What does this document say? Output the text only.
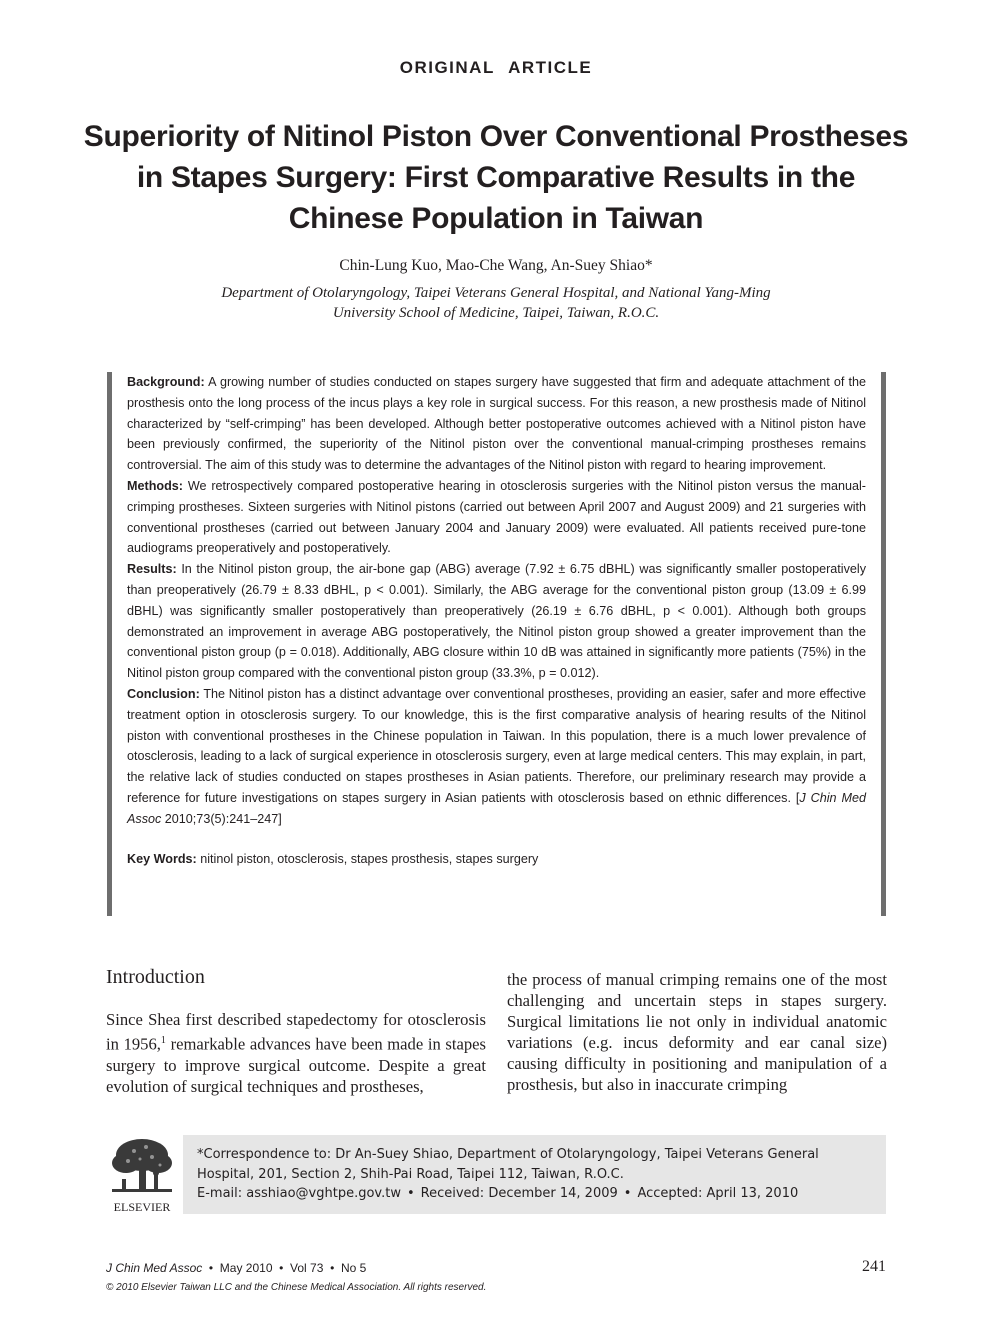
ORIGINAL ARTICLE
Superiority of Nitinol Piston Over Conventional Prostheses in Stapes Surgery: First Comparative Results in the Chinese Population in Taiwan
Chin-Lung Kuo, Mao-Che Wang, An-Suey Shiao*
Department of Otolaryngology, Taipei Veterans General Hospital, and National Yang-Ming
University School of Medicine, Taipei, Taiwan, R.O.C.

Background: A growing number of studies conducted on stapes surgery have suggested that firm and adequate attachment of the prosthesis onto the long process of the incus plays a key role in surgical success. For this reason, a new prosthesis made of Nitinol characterized by “self-crimping” has been developed. Although better postoperative outcomes achieved with a Nitinol piston have been previously confirmed, the superiority of the Nitinol piston over the conventional manual-crimping prostheses remains controversial. The aim of this study was to determine the advantages of the Nitinol piston with regard to hearing improvement.

Methods: We retrospectively compared postoperative hearing in otosclerosis surgeries with the Nitinol piston versus the manual-crimping prostheses. Sixteen surgeries with Nitinol pistons (carried out between April 2007 and August 2009) and 21 surgeries with conventional prostheses (carried out between January 2004 and January 2009) were evaluated. All patients received pure-tone audiograms preoperatively and postoperatively.

Results: In the Nitinol piston group, the air-bone gap (ABG) average (7.92 ± 6.75 dBHL) was significantly smaller postoperatively than preoperatively (26.79 ± 8.33 dBHL, p < 0.001). Similarly, the ABG average for the conventional piston group (13.09 ± 6.99 dBHL) was significantly smaller postoperatively than preoperatively (26.19 ± 6.76 dBHL, p < 0.001). Although both groups demonstrated an improvement in average ABG postoperatively, the Nitinol piston group showed a greater improvement than the conventional piston group (p = 0.018). Additionally, ABG closure within 10 dB was attained in significantly more patients (75%) in the Nitinol piston group compared with the conventional piston group (33.3%, p = 0.012).

Conclusion: The Nitinol piston has a distinct advantage over conventional prostheses, providing an easier, safer and more effective treatment option in otosclerosis surgery. To our knowledge, this is the first comparative analysis of hearing results of the Nitinol piston with conventional prostheses in the Chinese population in Taiwan. In this population, there is a much lower prevalence of otosclerosis, leading to a lack of surgical experience in otosclerosis surgery, even at large medical centers. This may explain, in part, the relative lack of studies conducted on stapes prostheses in Asian patients. Therefore, our preliminary research may provide a reference for future investigations on stapes surgery in Asian patients with otosclerosis based on ethnic differences. [J Chin Med Assoc 2010;73(5):241–247]

Key Words: nitinol piston, otosclerosis, stapes prosthesis, stapes surgery

Introduction

Since Shea first described stapedectomy for otosclerosis in 1956,$^1$ remarkable advances have been made in stapes surgery to improve surgical outcome. Despite a great evolution of surgical techniques and prostheses,

the process of manual crimping remains one of the most challenging and uncertain steps in stapes surgery. Surgical limitations lie not only in individual anatomic variations (e.g. incus deformity and ear canal size) causing difficulty in positioning and manipulation of a prosthesis, but also in inaccurate crimping

ELSEVIER
*Correspondence to: Dr An-Suey Shiao, Department of Otolaryngology, Taipei Veterans General
Hospital, 201, Section 2, Shih-Pai Road, Taipei 112, Taiwan, R.O.C.
E-mail: asshiao@vghtpe.gov.tw • Received: December 14, 2009 • Accepted: April 13, 2010
J Chin Med Assoc  •  May 2010  •  Vol 73  •  No 5	241
© 2010 Elsevier Taiwan LLC and the Chinese Medical Association. All rights reserved.
